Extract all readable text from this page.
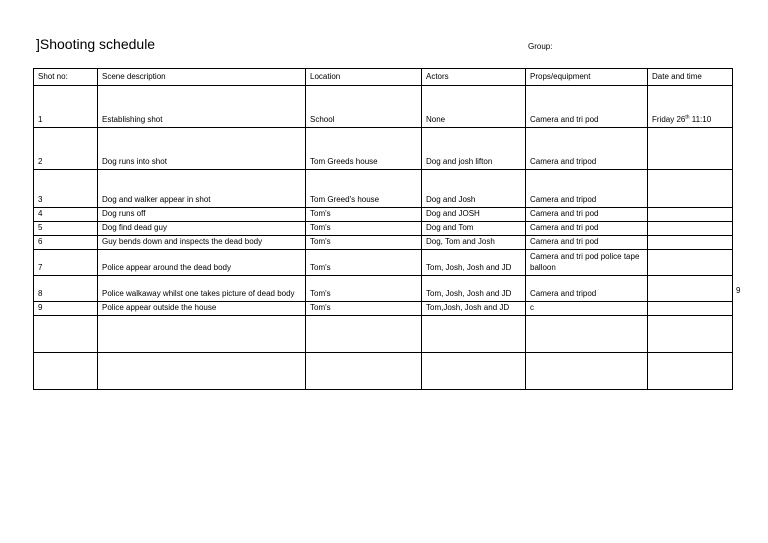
]Shooting schedule	Group:
Shot no:	Scene description	Location	Actors	Props/equipment	Date and time
1	Establishing shot	School	None	Camera and tri pod	Friday 26th 11:10
2	Dog runs into shot	Tom Greeds house	Dog and josh lifton	Camera and tripod	
3	Dog and walker appear in shot	Tom Greed's house	Dog and Josh	Camera and tripod	
4	Dog runs off	Tom's	Dog and JOSH	Camera and tri pod	
5	Dog find dead guy	Tom's	Dog and Tom	Camera and tri pod	
6	Guy bends down and inspects the dead body	Tom's	Dog, Tom and Josh	Camera and tri pod	
7	Police appear around the dead body	Tom's	Tom, Josh, Josh and JD	Camera and tri pod police tape balloon	
8	Police walkaway whilst one takes picture of dead body	Tom's	Tom, Josh, Josh and JD	Camera and tripod	
9	Police appear outside the house	Tom's	Tom,Josh, Josh and JD	c	

9
